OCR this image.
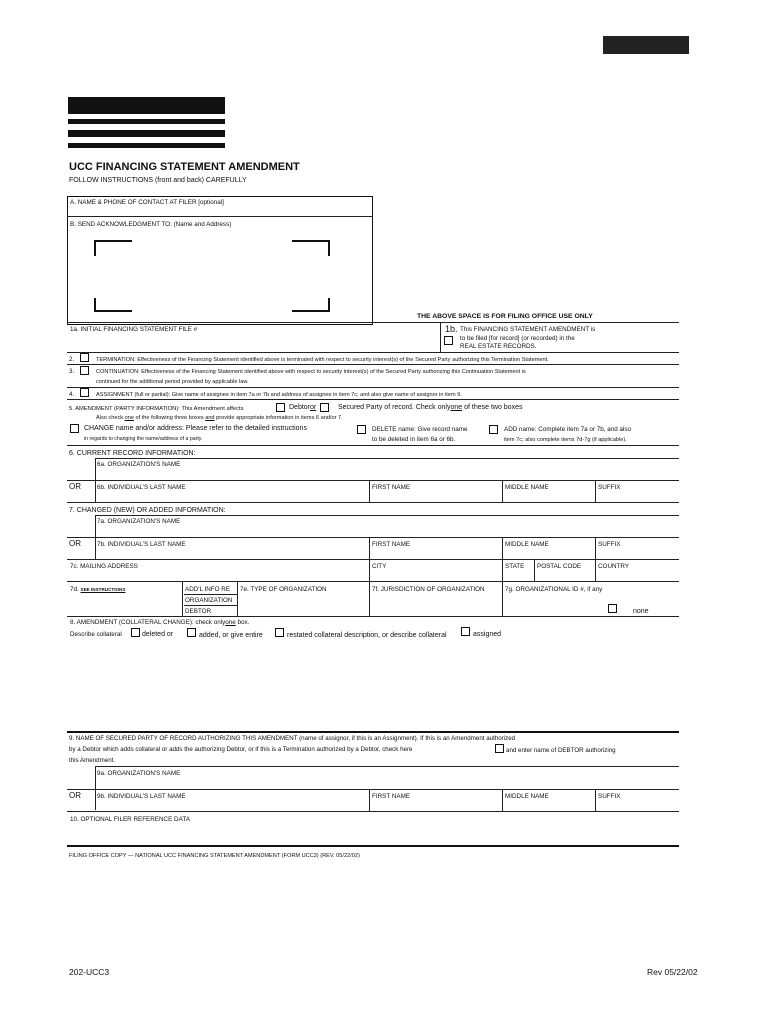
UCC FINANCING STATEMENT AMENDMENT
FOLLOW INSTRUCTIONS (front and back) CAREFULLY
A. NAME & PHONE OF CONTACT AT FILER [optional]
B. SEND ACKNOWLEDGMENT TO: (Name and Address)
THE ABOVE SPACE IS FOR FILING OFFICE USE ONLY
1a. INITIAL FINANCING STATEMENT FILE #	1b. This FINANCING STATEMENT AMENDMENT is
to be filed [for record] (or recorded) in the
REAL ESTATE RECORDS.
2.	TERMINATION: Effectiveness of the Financing Statement identified above is terminated with respect to security interest(s) of the Secured Party authorizing this Termination Statement.
3.	CONTINUATION: Effectiveness of the Financing Statement identified above with respect to security interest(s) of the Secured Party authorizing this Continuation Statement is
continued for the additional period provided by applicable law.
4.	ASSIGNMENT (full or partial): Give name of assignee in item 7a or 7b and address of assignee in item 7c; and also give name of assignor in item 9.
5. AMENDMENT (PARTY INFORMATION): This Amendment affects	Debtor or	Secured Party of record. Check onlyone of these two boxes
Also check one of the following three boxes and provide appropriate information in items 6 and/or 7.
CHANGE name and/or address: Please refer to the detailed instructions
in regards to changing the name/address of a party.
DELETE name: Give record name
to be deleted in item 6a or 6b.
ADD name: Complete item 7a or 7b, and also
item 7c; also complete items 7d-7g (if applicable).
6. CURRENT RECORD INFORMATION:
6a. ORGANIZATION'S NAME
OR	6b. INDIVIDUAL'S LAST NAME	FIRST NAME	MIDDLE NAME	SUFFIX
7. CHANGED (NEW) OR ADDED INFORMATION:
7a. ORGANIZATION'S NAME
OR	7b. INDIVIDUAL'S LAST NAME	FIRST NAME	MIDDLE NAME	SUFFIX
7c. MAILING ADDRESS	CITY	STATE POSTAL CODE	COUNTRY
7d. SEE INSTRUCTIONS	ADD'L INFO RE
ORGANIZATION
DEBTOR
7e. TYPE OF ORGANIZATION	7f. JURISDICTION OF ORGANIZATION	7g. ORGANIZATIONAL ID #, if any
none
8. AMENDMENT (COLLATERAL CHANGE): check onlyone box.
Describe collateral	deleted or	added, or give entire	restated collateral description, or describe collateral	assigned
9. NAME OF SECURED PARTY OF RECORD AUTHORIZING THIS AMENDMENT (name of assignor, if this is an Assignment). If this is an Amendment authorized
by a Debtor which adds collateral or adds the authorizing Debtor, or if this is a Termination authorized by a Debtor, check here	and enter name of DEBTOR authorizing
this Amendment.
9a. ORGANIZATION'S NAME
OR	9b. INDIVIDUAL'S LAST NAME	FIRST NAME	MIDDLE NAME	SUFFIX
10. OPTIONAL FILER REFERENCE DATA
FILING OFFICE COPY — NATIONAL UCC FINANCING STATEMENT AMENDMENT (FORM UCC3) (REV. 05/22/02)
202-UCC3	Rev 05/22/02
